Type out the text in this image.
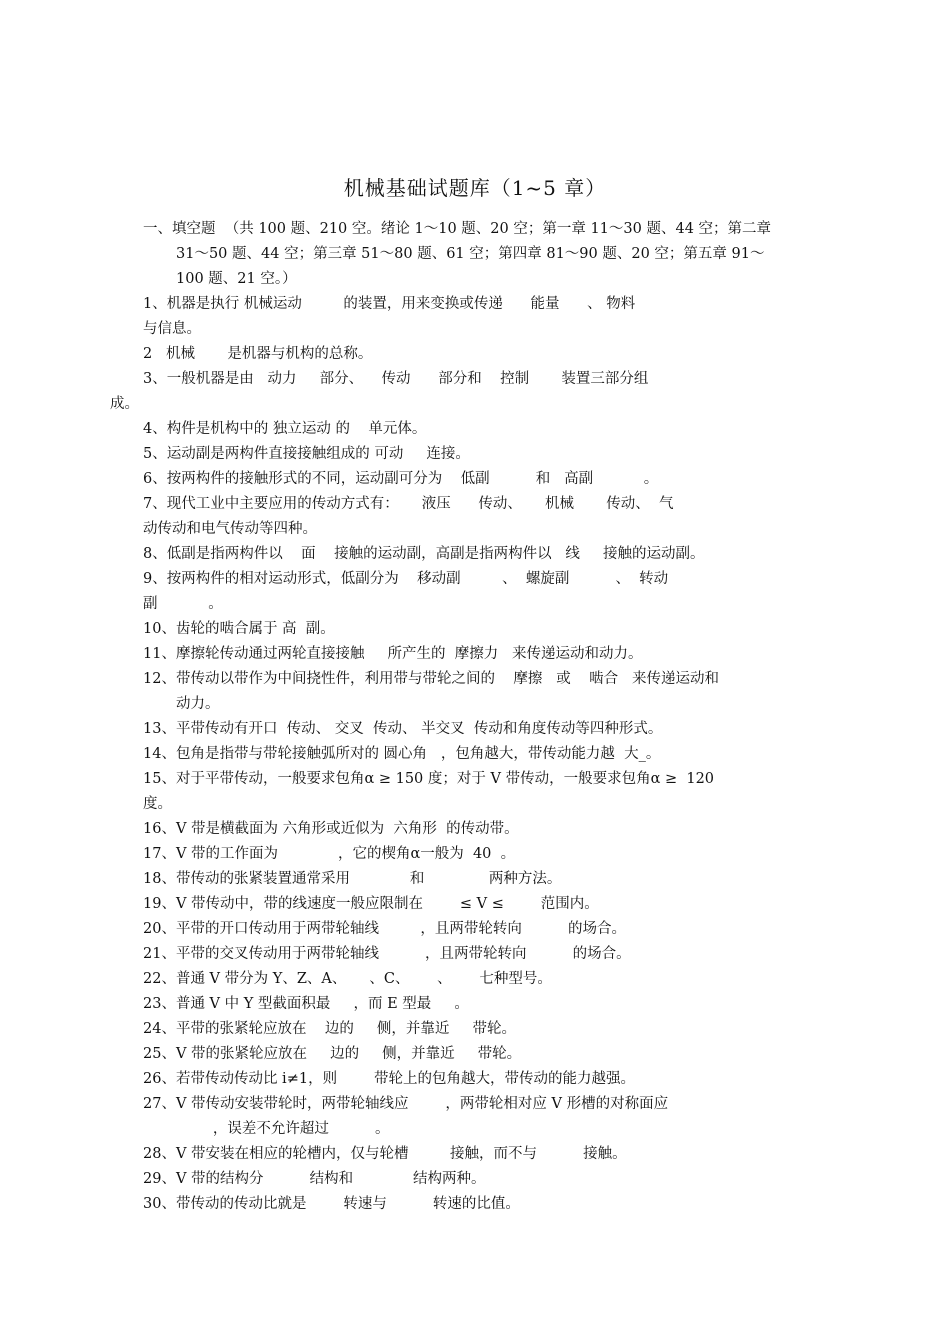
机械基础试题库（1~5 章）
一、填空题  （共 100 题、210 空。绪论 1～10 题、20 空；第一章 11～30 题、44 空；第二章
31～50 题、44 空；第三章 51～80 题、61 空；第四章 81～90 题、20 空；第五章 91～
100 题、21 空。）
1、机器是执行 机械运动         的装置，用来变换或传递      能量      、 物料
与信息。
2   机械       是机器与机构的总称。
3、一般机器是由   动力     部分、    传动      部分和    控制       装置三部分组
成。
4、构件是机构中的 独立运动 的    单元体。
5、运动副是两构件直接接触组成的 可动     连接。
6、按两构件的接触形式的不同，运动副可分为    低副          和   高副           。
7、现代工业中主要应用的传动方式有：     液压      传动、     机械       传动、  气
动传动和电气传动等四种。
8、低副是指两构件以    面    接触的运动副，高副是指两构件以   线     接触的运动副。
9、按两构件的相对运动形式，低副分为    移动副         、  螺旋副          、  转动
副           。
10、齿轮的啮合属于 高  副。
11、摩擦轮传动通过两轮直接接触     所产生的  摩擦力   来传递运动和动力。
12、带传动以带作为中间挠性件，利用带与带轮之间的    摩擦   或    啮合   来传递运动和
动力。
13、平带传动有开口  传动、 交叉  传动、 半交叉  传动和角度传动等四种形式。
14、包角是指带与带轮接触弧所对的 圆心角   ，包角越大，带传动能力越  大_。
15、对于平带传动，一般要求包角α ≥ 150 度；对于 V 带传动，一般要求包角α ≥  120
度。
16、V 带是横截面为 六角形或近似为  六角形  的传动带。
17、V 带的工作面为             ，它的楔角α一般为  40  。
18、带传动的张紧装置通常采用             和              两种方法。
19、V 带传动中，带的线速度一般应限制在        ≤ V ≤        范围内。
20、平带的开口传动用于两带轮轴线         ，且两带轮转向          的场合。
21、平带的交叉传动用于两带轮轴线          ，且两带轮转向          的场合。
22、普通 V 带分为 Y、Z、A、     、C、      、      七种型号。
23、普通 V 中 Y 型截面积最     ，而 E 型最     。
24、平带的张紧轮应放在    边的     侧，并靠近     带轮。
25、V 带的张紧轮应放在     边的     侧，并靠近     带轮。
26、若带传动传动比 i≠1，则        带轮上的包角越大，带传动的能力越强。
27、V 带传动安装带轮时，两带轮轴线应        ，两带轮相对应 V 形槽的对称面应
，误差不允许超过          。
28、V 带安装在相应的轮槽内，仅与轮槽         接触，而不与          接触。
29、V 带的结构分          结构和             结构两种。
30、带传动的传动比就是        转速与          转速的比值。
